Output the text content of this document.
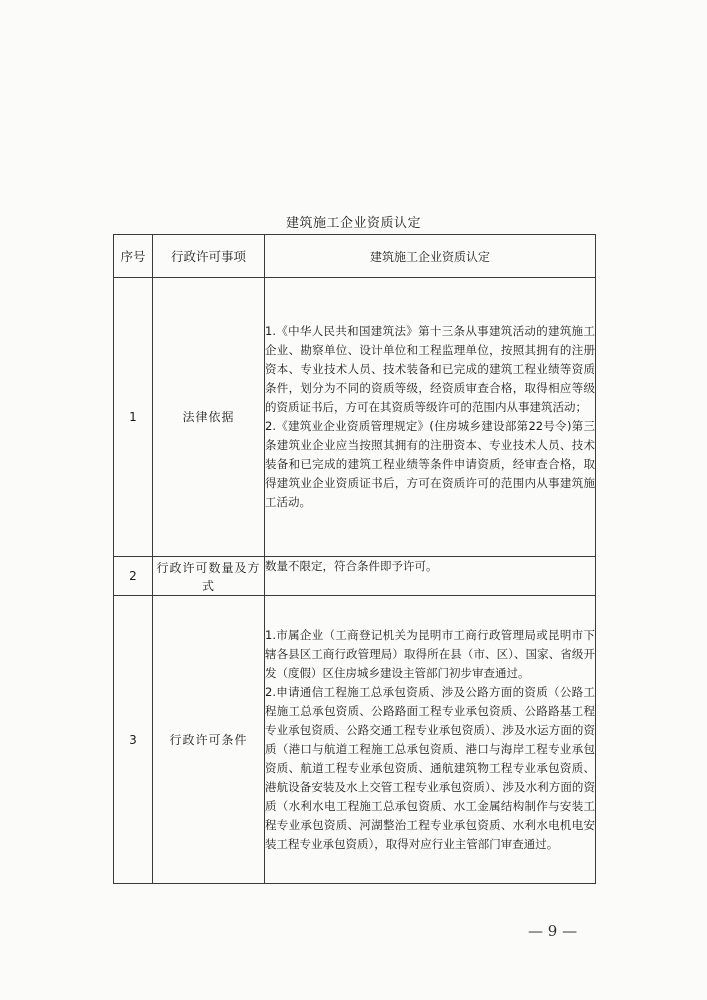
建筑施工企业资质认定
序号	行政许可事项	建筑施工企业资质认定
1	法律依据	1.《中华人民共和国建筑法》第十三条从事建筑活动的建筑施工企业、勘察单位、设计单位和工程监理单位，按照其拥有的注册资本、专业技术人员、技术装备和已完成的建筑工程业绩等资质条件，划分为不同的资质等级，经资质审查合格，取得相应等级的资质证书后，方可在其资质等级许可的范围内从事建筑活动；

2.《建筑业企业资质管理规定》(住房城乡建设部第22号令)第三条建筑业企业应当按照其拥有的注册资本、专业技术人员、技术装备和已完成的建筑工程业绩等条件申请资质，经审查合格，取得建筑业企业资质证书后，方可在资质许可的范围内从事建筑施工活动。

2	行政许可数量及方式	数量不限定，符合条件即予许可。

3	行政许可条件	1.市属企业（工商登记机关为昆明市工商行政管理局或昆明市下辖各县区工商行政管理局）取得所在县（市、区）、国家、省级开发（度假）区住房城乡建设主管部门初步审查通过。

2.申请通信工程施工总承包资质、涉及公路方面的资质（公路工程施工总承包资质、公路路面工程专业承包资质、公路路基工程专业承包资质、公路交通工程专业承包资质）、涉及水运方面的资质（港口与航道工程施工总承包资质、港口与海岸工程专业承包资质、航道工程专业承包资质、通航建筑物工程专业承包资质、港航设备安装及水上交管工程专业承包资质）、涉及水利方面的资质（水利水电工程施工总承包资质、水工金属结构制作与安装工程专业承包资质、河湖整治工程专业承包资质、水利水电机电安装工程专业承包资质），取得对应行业主管部门审查通过。

— 9 —
